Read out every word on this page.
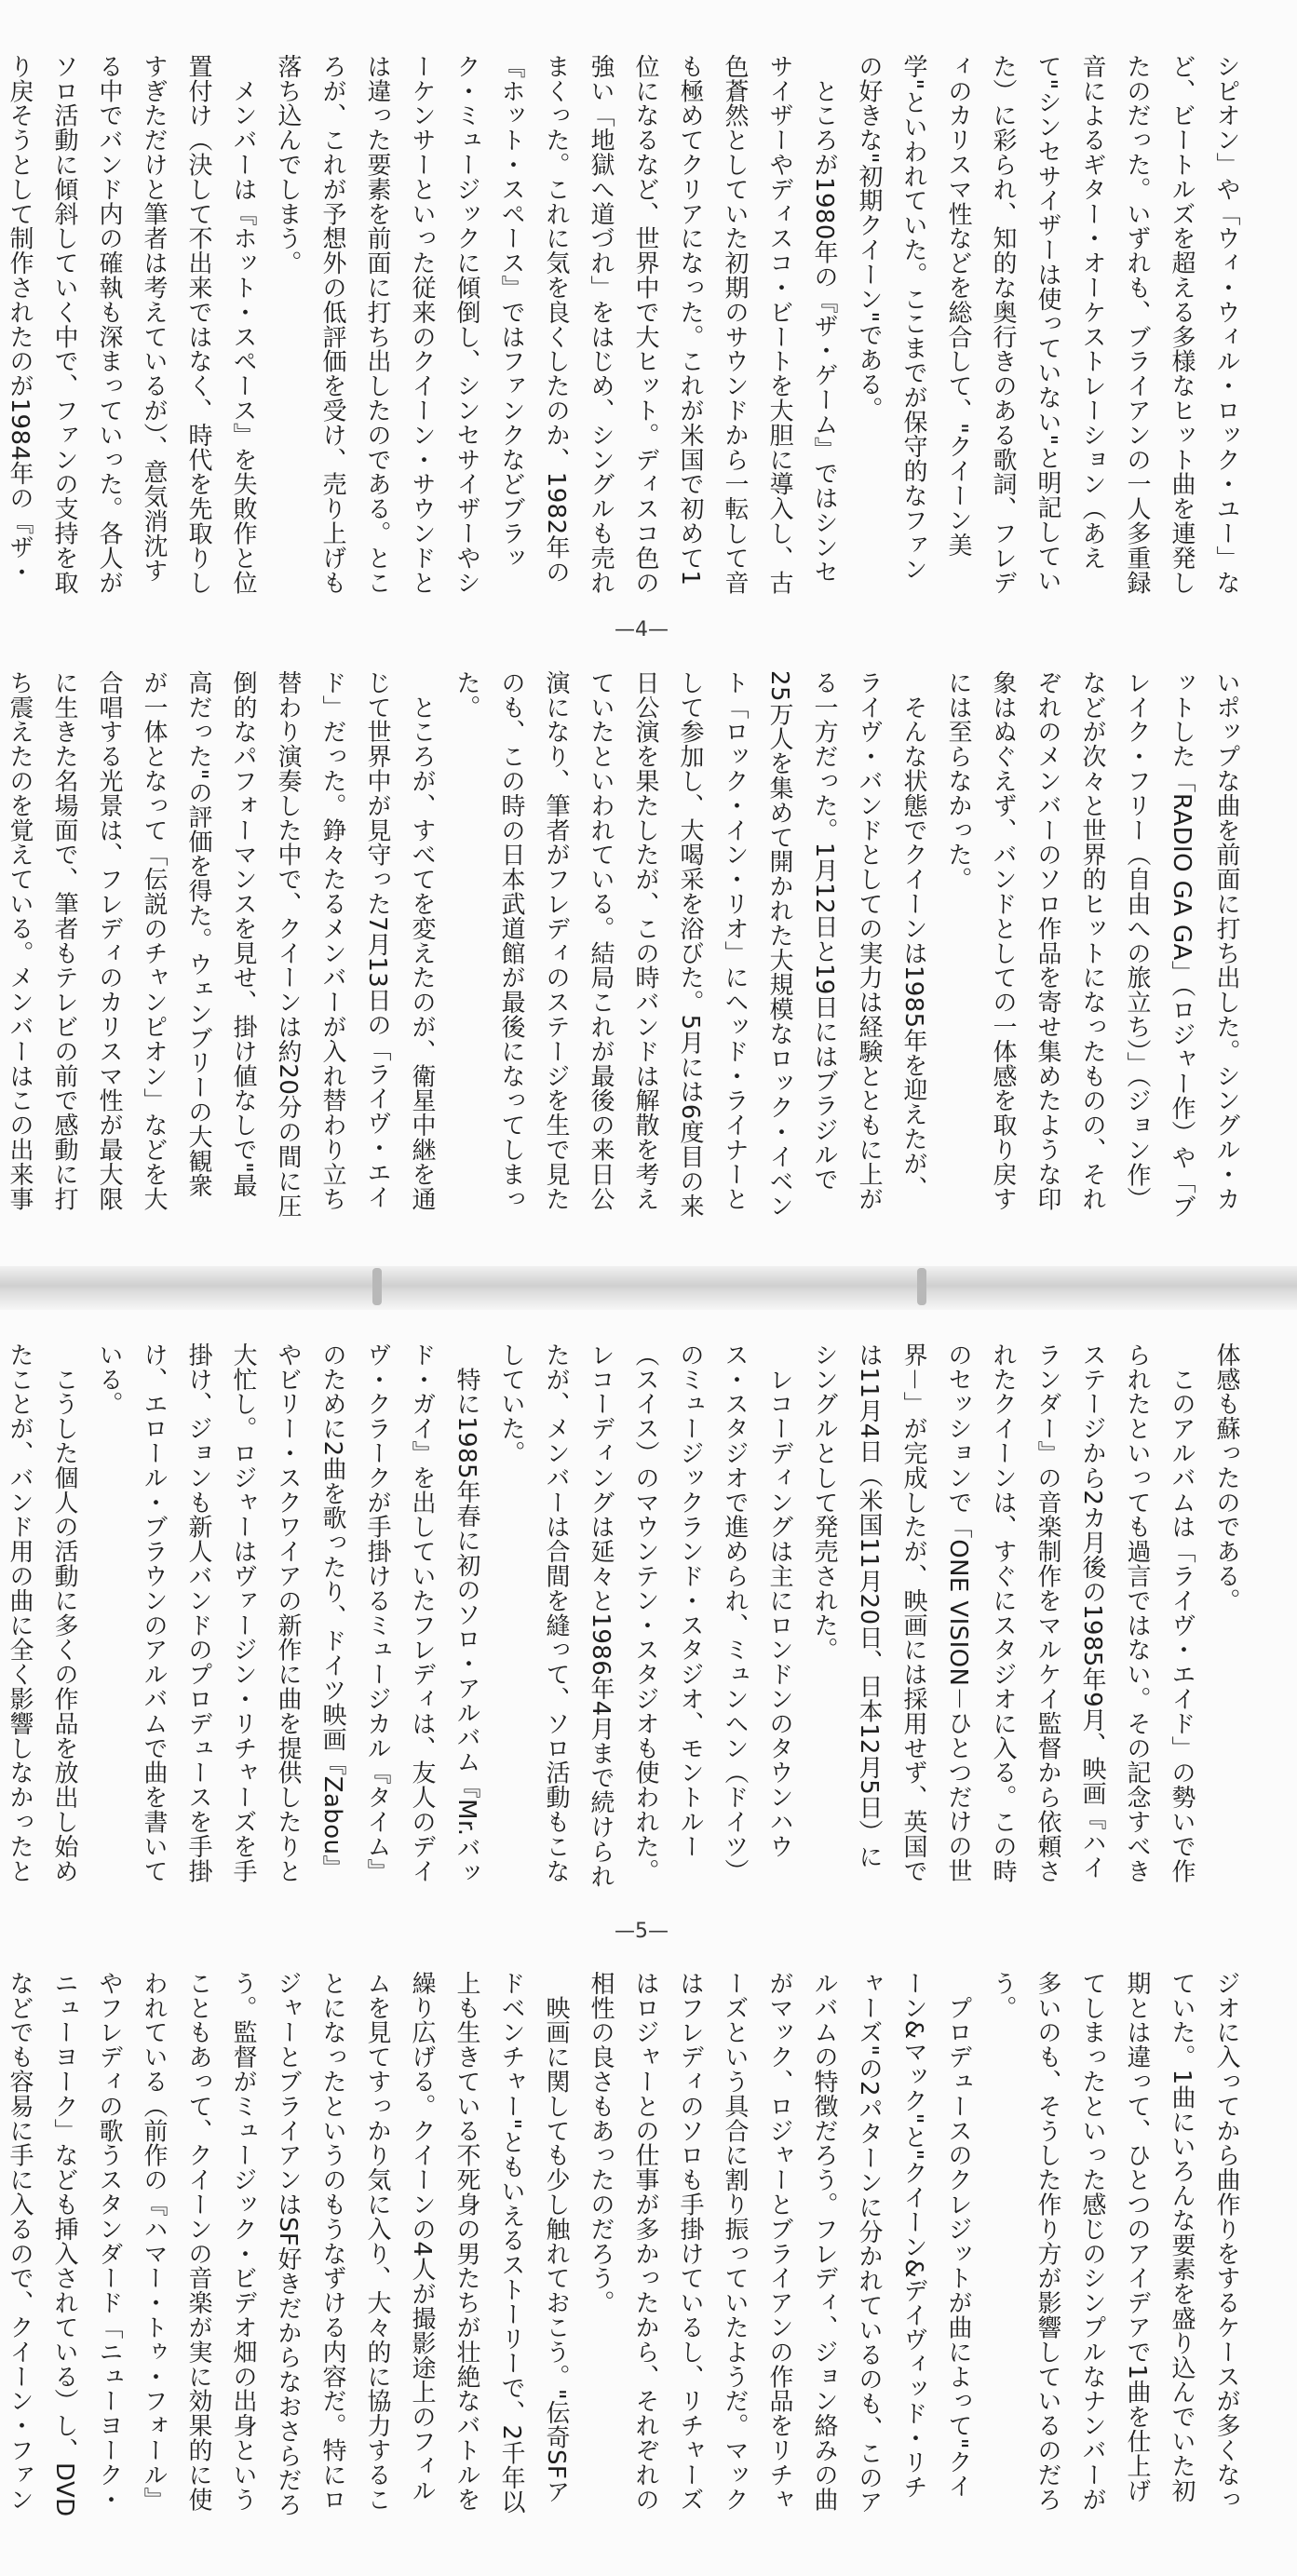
シピオン」や「ウィ・ウィル・ロック・ユー」など、ビートルズを超える多様なヒット曲を連発したのだった。いずれも、ブライアンの一人多重録音によるギター・オーケストレーション（あえて"シンセサイザーは使っていない"と明記していた）に彩られ、知的な奥行きのある歌詞、フレディのカリスマ性などを総合して、"クイーン美学"といわれていた。ここまでが保守的なファンの好きな"初期クイーン"である。
　ところが1980年の『ザ・ゲーム』ではシンセサイザーやディスコ・ビートを大胆に導入し、古色蒼然としていた初期のサウンドから一転して音も極めてクリアになった。これが米国で初めて1位になるなど、世界中で大ヒット。ディスコ色の強い「地獄へ道づれ」をはじめ、シングルも売れまくった。これに気を良くしたのか、1982年の『ホット・スペース』ではファンクなどブラック・ミュージックに傾倒し、シンセサイザーやシーケンサーといった従来のクイーン・サウンドとは違った要素を前面に打ち出したのである。ところが、これが予想外の低評価を受け、売り上げも落ち込んでしまう。
　メンバーは『ホット・スペース』を失敗作と位置付け（決して不出来ではなく、時代を先取りしすぎただけと筆者は考えているが）、意気消沈する中でバンド内の確執も深まっていった。各人がソロ活動に傾斜していく中で、ファンの支持を取り戻そうとして制作されたのが1984年の『ザ・
—4—
いポップな曲を前面に打ち出した。シングル・カットした「RADIO GA GA」（ロジャー作）や「ブレイク・フリー（自由への旅立ち）」（ジョン作）などが次々と世界的ヒットになったものの、それぞれのメンバーのソロ作品を寄せ集めたような印象はぬぐえず、バンドとしての一体感を取り戻すには至らなかった。
　そんな状態でクイーンは1985年を迎えたが、ライヴ・バンドとしての実力は経験とともに上がる一方だった。1月12日と19日にはブラジルで25万人を集めて開かれた大規模なロック・イベント「ロック・イン・リオ」にヘッド・ライナーとして参加し、大喝采を浴びた。5月には6度目の来日公演を果たしたが、この時バンドは解散を考えていたといわれている。結局これが最後の来日公演になり、筆者がフレディのステージを生で見たのも、この時の日本武道館が最後になってしまった。
　ところが、すべてを変えたのが、衛星中継を通じて世界中が見守った7月13日の「ライヴ・エイド」だった。錚々たるメンバーが入れ替わり立ち替わり演奏した中で、クイーンは約20分の間に圧倒的なパフォーマンスを見せ、掛け値なしで"最高だった"の評価を得た。ウェンブリーの大観衆が一体となって「伝説のチャンピオン」などを大合唱する光景は、フレディのカリスマ性が最大限に生きた名場面で、筆者もテレビの前で感動に打ち震えたのを覚えている。メンバーはこの出来事
体感も蘇ったのである。
　このアルバムは「ライヴ・エイド」の勢いで作られたといっても過言ではない。その記念すべきステージから2カ月後の1985年9月、映画『ハイランダー』の音楽制作をマルケイ監督から依頼されたクイーンは、すぐにスタジオに入る。この時のセッションで「ONE VISION－ひとつだけの世界－」が完成したが、映画には採用せず、英国では11月4日（米国11月20日、日本12月5日）にシングルとして発売された。
　レコーディングは主にロンドンのタウンハウス・スタジオで進められ、ミュンヘン（ドイツ）のミュージックランド・スタジオ、モントルー（スイス）のマウンテン・スタジオも使われた。レコーディングは延々と1986年4月まで続けられたが、メンバーは合間を縫って、ソロ活動もこなしていた。
　特に1985年春に初のソロ・アルバム『Mr.バッド・ガイ』を出していたフレディは、友人のデイヴ・クラークが手掛けるミュージカル『タイム』のために2曲を歌ったり、ドイツ映画『Zabou』やビリー・スクワイアの新作に曲を提供したりと大忙し。ロジャーはヴァージン・リチャーズを手掛け、ジョンも新人バンドのプロデュースを手掛け、エロール・ブラウンのアルバムで曲を書いている。
　こうした個人の活動に多くの作品を放出し始めたことが、バンド用の曲に全く影響しなかったと
—5—
ジオに入ってから曲作りをするケースが多くなっていた。1曲にいろんな要素を盛り込んでいた初期とは違って、ひとつのアイデアで1曲を仕上げてしまったといった感じのシンプルなナンバーが多いのも、そうした作り方が影響しているのだろう。
　プロデュースのクレジットが曲によって"クイーン&マック"と"クイーン&デイヴィッド・リチャーズ"の2パターンに分かれているのも、このアルバムの特徴だろう。フレディ、ジョン絡みの曲がマック、ロジャーとブライアンの作品をリチャーズという具合に割り振っていたようだ。マックはフレディのソロも手掛けているし、リチャーズはロジャーとの仕事が多かったから、それぞれの相性の良さもあったのだろう。
　映画に関しても少し触れておこう。"伝奇SFアドベンチャー"ともいえるストーリーで、2千年以上も生きている不死身の男たちが壮絶なバトルを繰り広げる。クイーンの4人が撮影途上のフィルムを見てすっかり気に入り、大々的に協力することになったというのもうなずける内容だ。特にロジャーとブライアンはSF好きだからなおさらだろう。監督がミュージック・ビデオ畑の出身ということもあって、クイーンの音楽が実に効果的に使われている（前作の『ハマー・トゥ・フォール』やフレディの歌うスタンダード「ニューヨーク・ニューヨーク」なども挿入されている）し、DVDなどでも容易に手に入るので、クイーン・ファン
